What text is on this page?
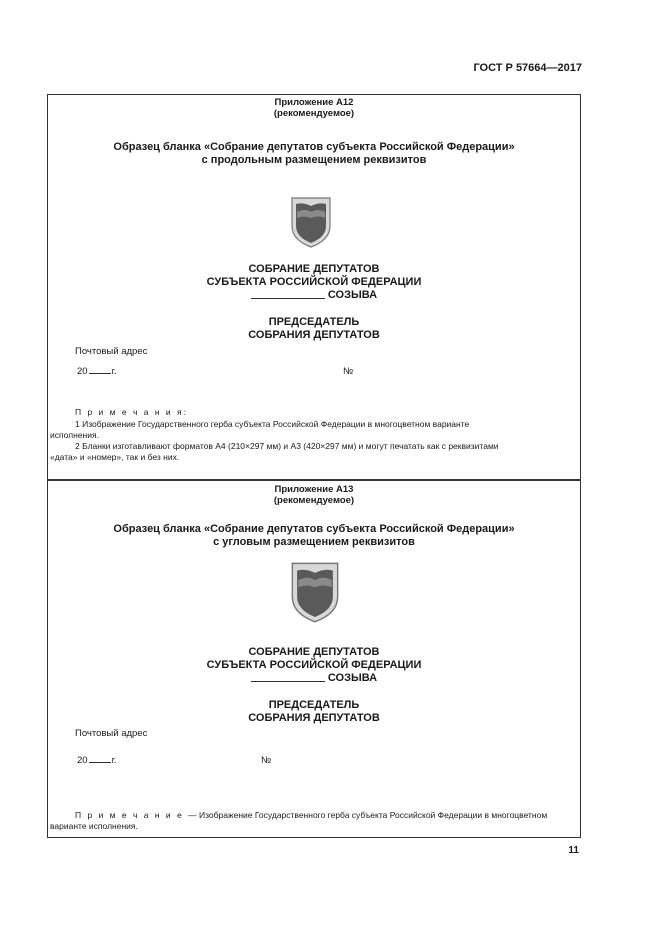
ГОСТ Р 57664—2017
Приложение А12
(рекомендуемое)
Образец бланка «Собрание депутатов субъекта Российской Федерации»
с продольным размещением реквизитов
СОБРАНИЕ ДЕПУТАТОВ
СУБЪЕКТА РОССИЙСКОЙ ФЕДЕРАЦИИ
СОЗЫВА
ПРЕДСЕДАТЕЛЬ
СОБРАНИЯ ДЕПУТАТОВ
Почтовый адрес
20	г.	№
П р и м е ч а н и я:
1 Изображение Государственного герба субъекта Российской Федерации в многоцветном варианте
исполнения.
2 Бланки изготавливают форматов А4 (210×297 мм) и А3 (420×297 мм) и могут печатать как с реквизитами
«дата» и «номер», так и без них.
Приложение А13
(рекомендуемое)
Образец бланка «Собрание депутатов субъекта Российской Федерации»
с угловым размещением реквизитов
СОБРАНИЕ ДЕПУТАТОВ
СУБЪЕКТА РОССИЙСКОЙ ФЕДЕРАЦИИ
СОЗЫВА
ПРЕДСЕДАТЕЛЬ
СОБРАНИЯ ДЕПУТАТОВ
Почтовый адрес
20	г.	№
П р и м е ч а н и е — Изображение Государственного герба субъекта Российской Федерации в многоцветном
варианте исполнения.
11
